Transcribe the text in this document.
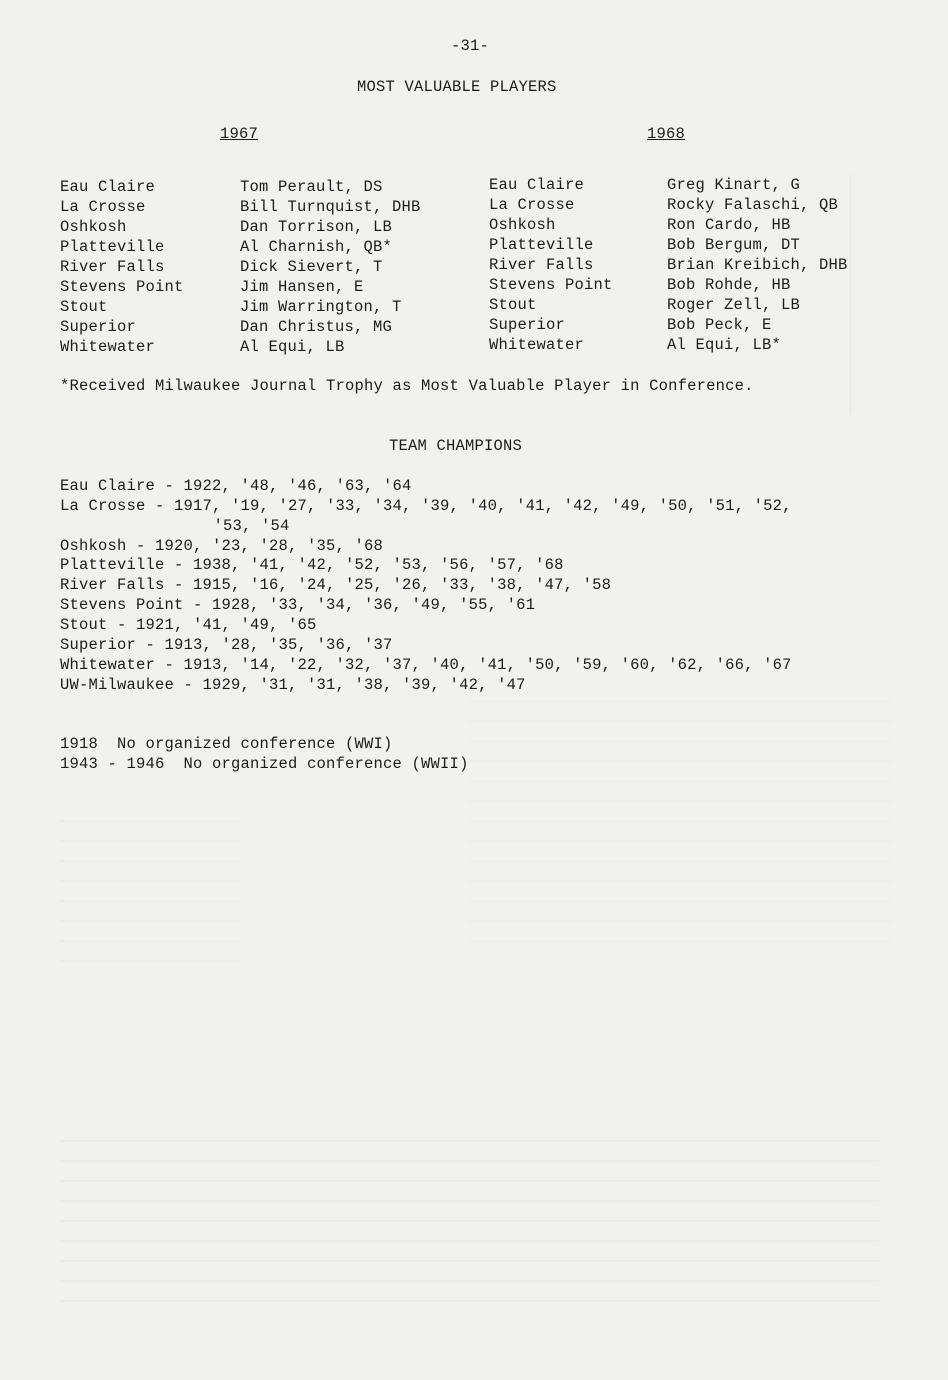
-31-
MOST VALUABLE PLAYERS
1967	1968
Eau Claire	Tom Perault, DS
La Crosse	Bill Turnquist, DHB
Oshkosh	Dan Torrison, LB
Platteville	Al Charnish, QB*
River Falls	Dick Sievert, T
Stevens Point	Jim Hansen, E
Stout	Jim Warrington, T
Superior	Dan Christus, MG
Whitewater	Al Equi, LB
Eau Claire	Greg Kinart, G
La Crosse	Rocky Falaschi, QB
Oshkosh	Ron Cardo, HB
Platteville	Bob Bergum, DT
River Falls	Brian Kreibich, DHB
Stevens Point	Bob Rohde, HB
Stout	Roger Zell, LB
Superior	Bob Peck, E
Whitewater	Al Equi, LB*
*Received Milwaukee Journal Trophy as Most Valuable Player in Conference.
TEAM CHAMPIONS
Eau Claire - 1922, '48, '46, '63, '64
La Crosse - 1917, '19, '27, '33, '34, '39, '40, '41, '42, '49, '50, '51, '52,
'53, '54
Oshkosh - 1920, '23, '28, '35, '68
Platteville - 1938, '41, '42, '52, '53, '56, '57, '68
River Falls - 1915, '16, '24, '25, '26, '33, '38, '47, '58
Stevens Point - 1928, '33, '34, '36, '49, '55, '61
Stout - 1921, '41, '49, '65
Superior - 1913, '28, '35, '36, '37
Whitewater - 1913, '14, '22, '32, '37, '40, '41, '50, '59, '60, '62, '66, '67
UW-Milwaukee - 1929, '31, '31, '38, '39, '42, '47
1918  No organized conference (WWI)
1943 - 1946  No organized conference (WWII)
